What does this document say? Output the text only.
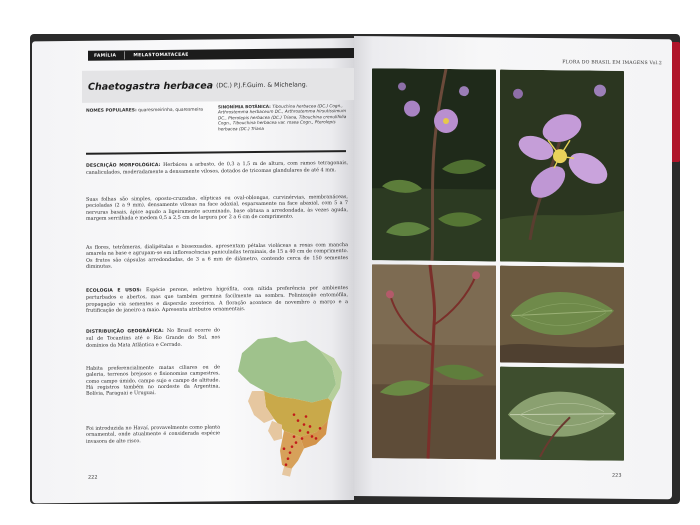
FAMÍLIA	MELASTOMATACEAE
Chaetogastra herbacea (DC.) P.J.F.Guim. & Michelang.
NOMES POPULARES: quaresmeirinha, quaresmeira
SINONÍMIA BOTÂNICA: Tibouchina herbacea (DC.) Cogn., Arthrostemma herbaceum DC., Arthrostemma hirsutissimum DC., Pterolepis herbacea (DC.) Triana, Tibouchina crenulifolia Cogn., Tibouchina herbacea var. rosea Cogn., Pterolepis herbacea (DC.) Triana

DESCRIÇÃO MORFOLÓGICA: Herbácea a arbusto, de 0,3 a 1,5 m de altura, com ramos tetragonais, canaliculados, moderadamente a densamente vilosos, dotados de tricomas glandulares de até 4 mm.

Suas folhas são simples, oposto-cruzadas, elípticas ou oval-oblongas, curvinérvias, membranáceas, pecioladas (2 a 9 mm), densamente vilosas na face adaxial, esparsamente na face abaxial, com 5 a 7 nervuras basais, ápice agudo a ligeiramente acuminado, base obtusa a arredondada, às vezes aguda, margem serrilhada e medem 0,5 a 2,5 cm de largura por 2 a 6 cm de comprimento.

As flores, tetrâmeras, dialipétalas e bissexuadas, apresentam pétalas violáceas a roxas com mancha amarela na base e agrupam-se em inflorescências paniculadas terminais, de 15 a 40 cm de comprimento. Os frutos são cápsulas arredondadas, de 3 a 6 mm de diâmetro, contendo cerca de 150 sementes diminutas.

ECOLOGIA E USOS: Espécie perene, seletiva higrófita, com nítida preferência por ambientes perturbados e abertos, mas que também germina facilmente na sombra. Polinização entomófila, propagação via sementes e dispersão zoocórica. A floração acontece de novembro a março e a frutificação de janeiro a maio. Apresenta atributos ornamentais.

DISTRIBUIÇÃO GEOGRÁFICA: No Brasil ocorre do sul de Tocantins até o Rio Grande do Sul, nos domínios da Mata Atlântica e Cerrado.

Habita preferencialmente matas ciliares ou de galeria, terrenos brejosos e fisionomias campestres, como campo úmido, campo sujo e campo de altitude. Há registros também no nordeste da Argentina, Bolívia, Paraguai e Uruguai.

Foi introduzida no Havaí, provavelmente como planta ornamental, onde atualmente é considerada espécie invasora de alto risco.

222
FLORA DO BRASIL EM IMAGENS Vol.2
223
